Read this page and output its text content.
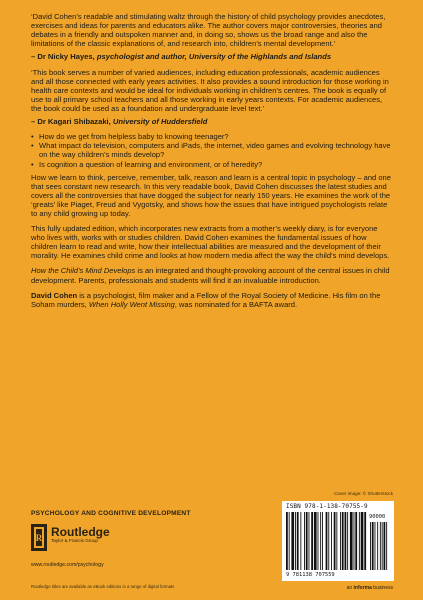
‘David Cohen’s readable and stimulating waltz through the history of child psychology provides anecdotes, exercises and ideas for parents and educators alike. The author covers major controversies, theories and debates in a friendly and outspoken manner and, in doing so, shows us the broad range and also the limitations of the classic explanations of, and research into, children’s mental development.’

– Dr Nicky Hayes, psychologist and author, University of the Highlands and Islands

‘This book serves a number of varied audiences, including education professionals, academic audiences and all those connected with early years activities. It also provides a sound introduction for those working in health care contexts and would be ideal for individuals working in children’s centres. The book is equally of use to all primary school teachers and all those working in early years contexts. For academic audiences, the book could be used as a foundation and undergraduate level text.’

– Dr Kagari Shibazaki, University of Huddersfield

• How do we get from helpless baby to knowing teenager?
• What impact do television, computers and iPads, the internet, video games and evolving technology have on the way children’s minds develop?
• Is cognition a question of learning and environment, or of heredity?

How we learn to think, perceive, remember, talk, reason and learn is a central topic in psychology – and one that sees constant new research. In this very readable book, David Cohen discusses the latest studies and covers all the controversies that have dogged the subject for nearly 150 years. He examines the work of the ‘greats’ like Piaget, Freud and Vygotsky, and shows how the issues that have intrigued psychologists relate to any child growing up today.

This fully updated edition, which incorporates new extracts from a mother’s weekly diary, is for everyone who lives with, works with or studies children. David Cohen examines the fundamental issues of how children learn to read and write, how their intellectual abilities are measured and the development of their morality. He examines child crime and looks at how modern media affect the way the child’s mind develops.

How the Child’s Mind Develops is an integrated and thought-provoking account of the central issues in child development. Parents, professionals and students will find it an invaluable introduction.

David Cohen is a psychologist, film maker and a Fellow of the Royal Society of Medicine. His film on the Soham murders, When Holly Went Missing, was nominated for a BAFTA award.

Cover image: © Shutterstock
PSYCHOLOGY AND COGNITIVE DEVELOPMENT
R Routledge
Taylor & Francis Group
www.routledge.com/psychology
Routledge titles are available as eBook editions in a range of digital formats	an informa business
ISBN 978-1-138-70755-9
90000
9 781138 707559
